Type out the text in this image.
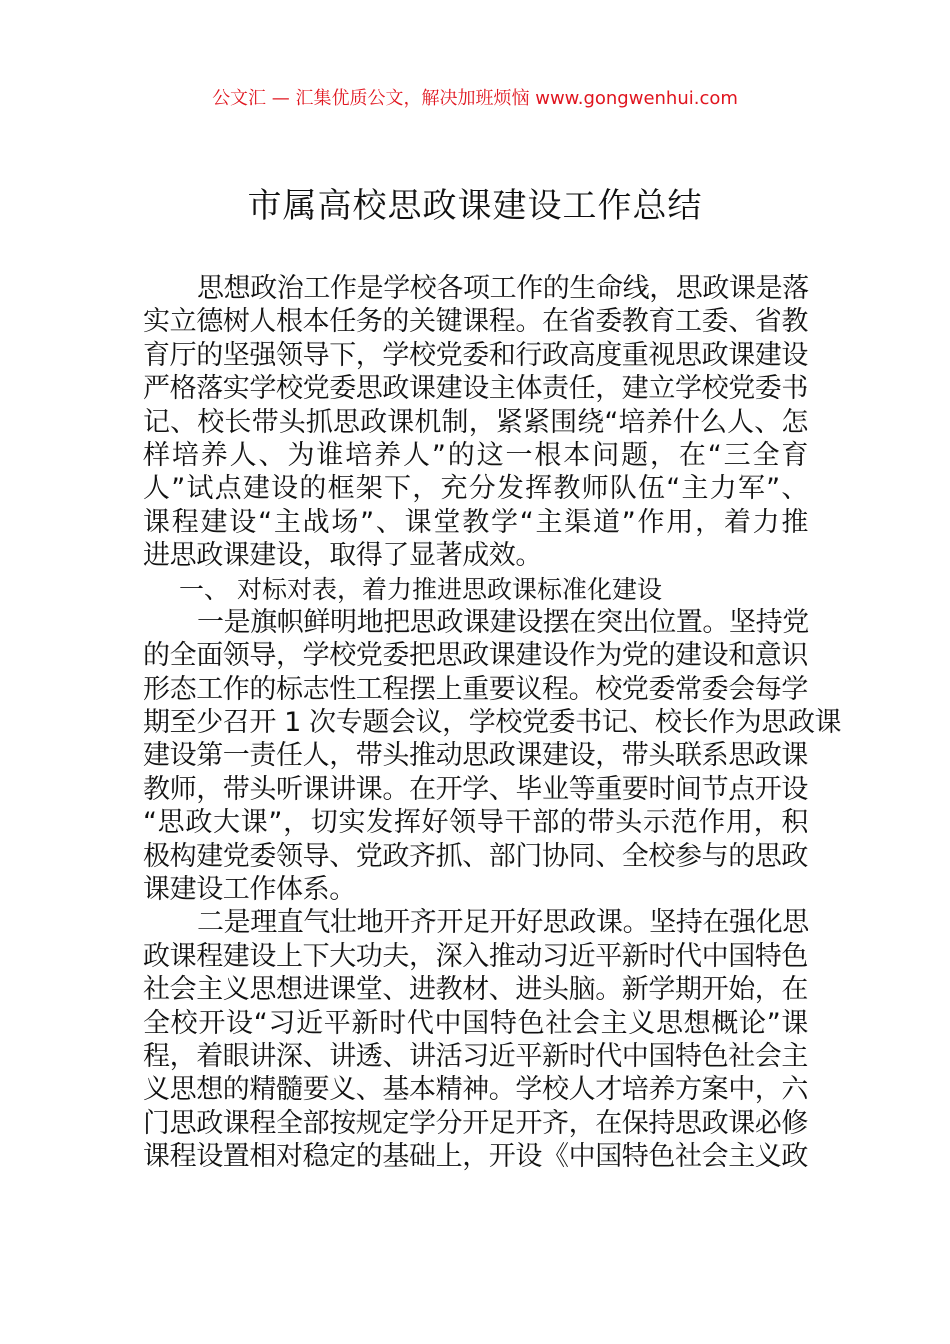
公文汇 — 汇集优质公文，解决加班烦恼 www.gongwenhui.com
市属高校思政课建设工作总结
思想政治工作是学校各项工作的生命线，思政课是落
实立德树人根本任务的关键课程。在省委教育工委、省教
育厅的坚强领导下，学校党委和行政高度重视思政课建设
严格落实学校党委思政课建设主体责任，建立学校党委书
记、校长带头抓思政课机制，紧紧围绕“培养什么人、怎
样培养人、为谁培养人”的这一根本问题，在“三全育
人”试点建设的框架下，充分发挥教师队伍“主力军”、
课程建设“主战场”、课堂教学“主渠道”作用，着力推
进思政课建设，取得了显著成效。
一、 对标对表，着力推进思政课标准化建设
一是旗帜鲜明地把思政课建设摆在突出位置。坚持党
的全面领导，学校党委把思政课建设作为党的建设和意识
形态工作的标志性工程摆上重要议程。校党委常委会每学
期至少召开 1 次专题会议，学校党委书记、校长作为思政课
建设第一责任人，带头推动思政课建设，带头联系思政课
教师，带头听课讲课。在开学、毕业等重要时间节点开设
“思政大课”，切实发挥好领导干部的带头示范作用，积
极构建党委领导、党政齐抓、部门协同、全校参与的思政
课建设工作体系。
二是理直气壮地开齐开足开好思政课。坚持在强化思
政课程建设上下大功夫，深入推动习近平新时代中国特色
社会主义思想进课堂、进教材、进头脑。新学期开始，在
全校开设“习近平新时代中国特色社会主义思想概论”课
程，着眼讲深、讲透、讲活习近平新时代中国特色社会主
义思想的精髓要义、基本精神。学校人才培养方案中，六
门思政课程全部按规定学分开足开齐，在保持思政课必修
课程设置相对稳定的基础上，开设《中国特色社会主义政
